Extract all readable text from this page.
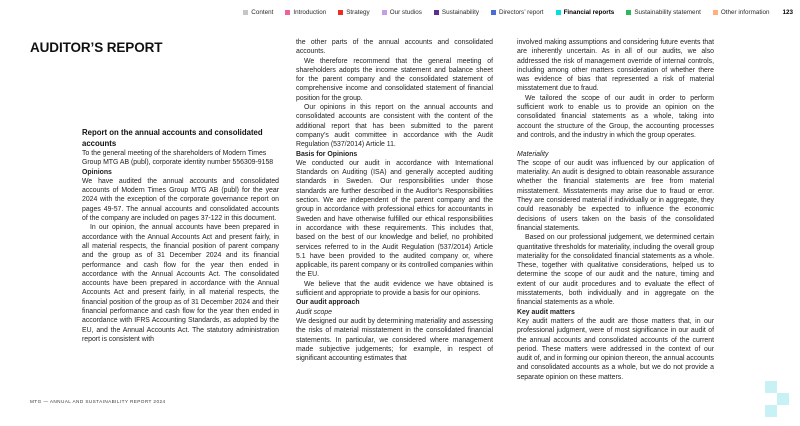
Content	Introduction	Strategy	Our studios	Sustainability	Directors’ report	Financial reports	Sustainability statement	Other information 123
AUDITOR’S REPORT

Report on the annual accounts and consolidated accounts

To the general meeting of the shareholders of Modern Times Group MTG AB (publ), corporate identity number 556309-9158

Opinions

We have audited the annual accounts and consolidated accounts of Modern Times Group MTG AB (publ) for the year 2024 with the exception of the corporate governance report on pages 49-57. The annual accounts and consolidated accounts of the company are included on pages 37-122 in this document.

In our opinion, the annual accounts have been prepared in accordance with the Annual Accounts Act and present fairly, in all material respects, the financial position of parent company and the group as of 31 December 2024 and its financial performance and cash flow for the year then ended in accordance with the Annual Accounts Act. The consolidated accounts have been prepared in accordance with the Annual Accounts Act and present fairly, in all material respects, the financial position of the group as of 31 December 2024 and their financial performance and cash flow for the year then ended in accordance with IFRS Accounting Standards, as adopted by the EU, and the Annual Accounts Act. The statutory administration report is consistent with

the other parts of the annual accounts and consolidated accounts.

We therefore recommend that the general meeting of shareholders adopts the income statement and balance sheet for the parent company and the consolidated statement of comprehensive income and consolidated statement of financial position for the group.

Our opinions in this report on the annual accounts and consolidated accounts are consistent with the content of the additional report that has been submitted to the parent company’s audit committee in accordance with the Audit Regulation (537/2014) Article 11.

Basis for Opinions

We conducted our audit in accordance with International Standards on Auditing (ISA) and generally accepted auditing standards in Sweden. Our responsibilities under those standards are further described in the Auditor’s Responsibilities section. We are independent of the parent company and the group in accordance with professional ethics for accountants in Sweden and have otherwise fulfilled our ethical responsibilities in accordance with these requirements. This includes that, based on the best of our knowledge and belief, no prohibited services referred to in the Audit Regulation (537/2014) Article 5.1 have been provided to the audited company or, where applicable, its parent company or its controlled companies within the EU.

We believe that the audit evidence we have obtained is sufficient and appropriate to provide a basis for our opinions.

Our audit approach

Audit scope

We designed our audit by determining materiality and assessing the risks of material misstatement in the consolidated financial statements. In particular, we considered where management made subjective judgements; for example, in respect of significant accounting estimates that

involved making assumptions and considering future events that are inherently uncertain. As in all of our audits, we also addressed the risk of management override of internal controls, including among other matters consideration of whether there was evidence of bias that represented a risk of material misstatement due to fraud.

We tailored the scope of our audit in order to perform sufficient work to enable us to provide an opinion on the consolidated financial statements as a whole, taking into account the structure of the Group, the accounting processes and controls, and the industry in which the group operates.

Materiality

The scope of our audit was influenced by our application of materiality. An audit is designed to obtain reasonable assurance whether the financial statements are free from material misstatement. Misstatements may arise due to fraud or error. They are considered material if individually or in aggregate, they could reasonably be expected to influence the economic decisions of users taken on the basis of the consolidated financial statements.

Based on our professional judgement, we determined certain quantitative thresholds for materiality, including the overall group materiality for the consolidated financial statements as a whole. These, together with qualitative considerations, helped us to determine the scope of our audit and the nature, timing and extent of our audit procedures and to evaluate the effect of misstatements, both individually and in aggregate on the financial statements as a whole.

Key audit matters

Key audit matters of the audit are those matters that, in our professional judgment, were of most significance in our audit of the annual accounts and consolidated accounts of the current period. These matters were addressed in the context of our audit of, and in forming our opinion thereon, the annual accounts and consolidated accounts as a whole, but we do not provide a separate opinion on these matters.

MTG — ANNUAL AND SUSTAINABILITY REPORT 2024
